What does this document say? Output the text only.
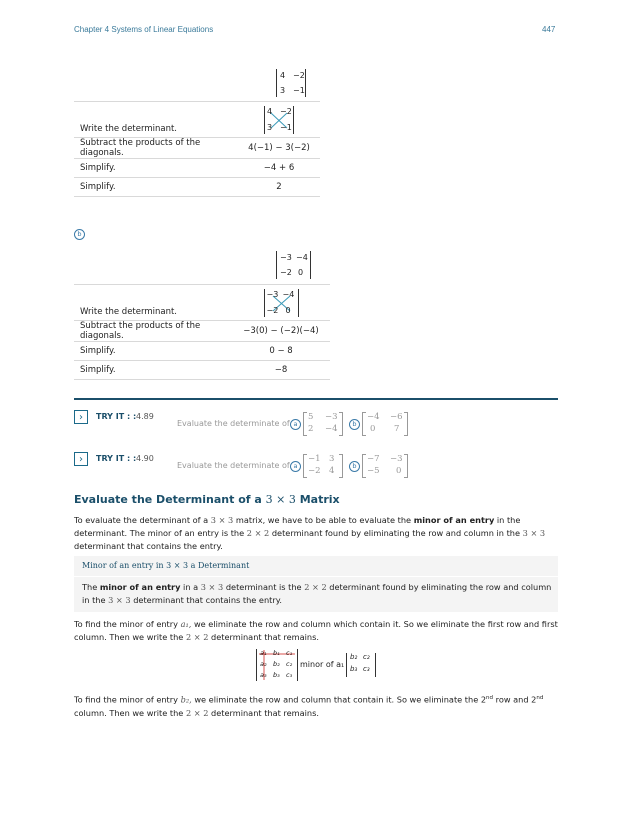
Chapter 4 Systems of Linear Equations	447
4 −2
3 −1
Write the determinant.	4 −2
3 −1

Subtract the products of the diagonals.	4(−1) − 3(−2)
Simplify.	−4 + 6
Simplify.	2
b
−3 −4
−2 0
Write the determinant.	−3 −4
−2 0

Subtract the products of the diagonals.	−3(0) − (−2)(−4)
Simplify.	0 − 8
Simplify.	−8
›	TRY IT : : 4.89
Evaluate the determinate of a
5 −3
2 −4	b
−4 −6
0 7
›	TRY IT : : 4.90
Evaluate the determinate of a
−1 3
−2 4	b
−7 −3
−5 0
Evaluate the Determinant of a 3 × 3 Matrix

To evaluate the determinant of a 3 × 3 matrix, we have to be able to evaluate the minor of an entry in the determinant. The minor of an entry is the 2 × 2 determinant found by eliminating the row and column in the 3 × 3 determinant that contains the entry.

Minor of an entry in 3 × 3 a Determinant

The minor of an entry in a 3 × 3 determinant is the 2 × 2 determinant found by eliminating the row and column in the 3 × 3 determinant that contains the entry.

To find the minor of entry a₁, we eliminate the row and column which contain it. So we eliminate the first row and first column. Then we write the 2 × 2 determinant that remains.

a₁ b₁ c₁
a₂ b₂ c₂
a₃ b₃ c₃
minor of a₁
b₂ c₂
b₃ c₃

To find the minor of entry b₂, we eliminate the row and column that contain it. So we eliminate the 2nd row and 2nd column. Then we write the 2 × 2 determinant that remains.
